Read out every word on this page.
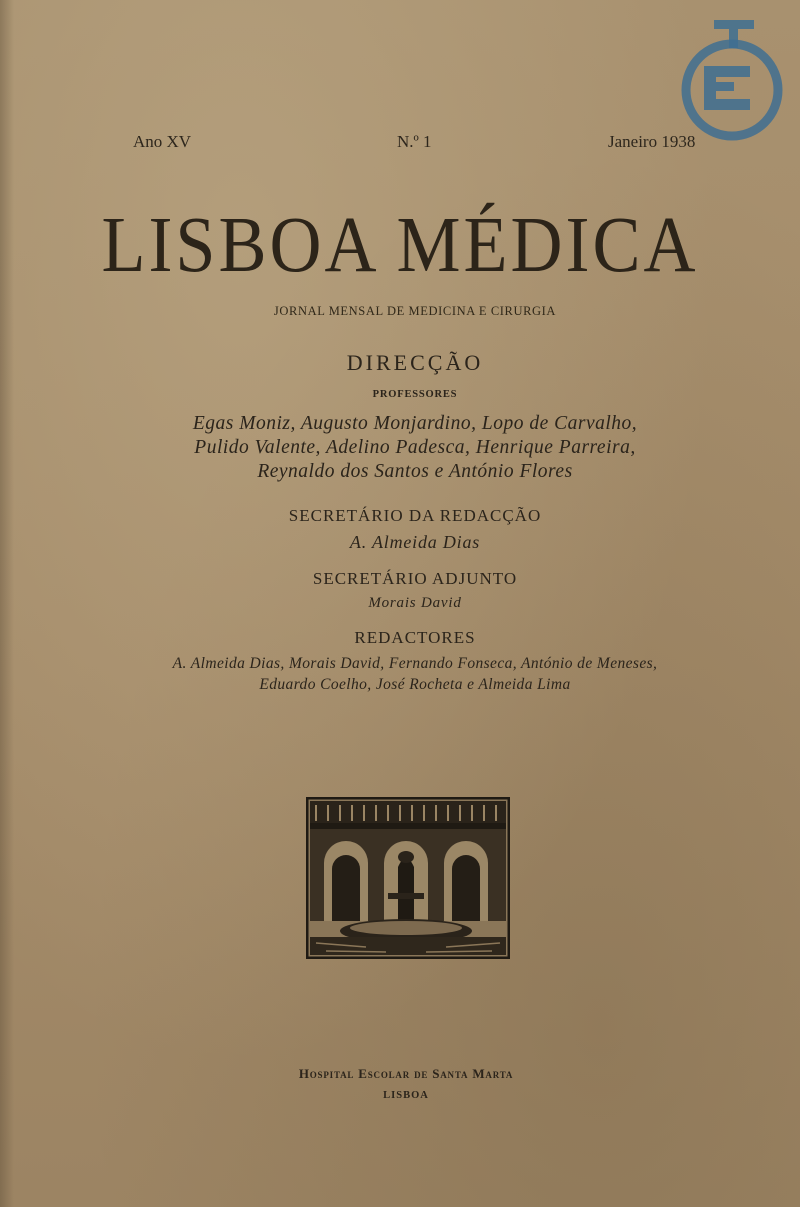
Ano XV	N.º 1	Janeiro 1938
LISBOA MÉDICA
JORNAL MENSAL DE MEDICINA E CIRURGIA
DIRECÇÃO
PROFESSORES
Egas Moniz, Augusto Monjardino, Lopo de Carvalho,
Pulido Valente, Adelino Padesca, Henrique Parreira,
Reynaldo dos Santos e António Flores
SECRETÁRIO DA REDACÇÃO
A. Almeida Dias
SECRETÁRIO ADJUNTO
Morais David
REDACTORES
A. Almeida Dias, Morais David, Fernando Fonseca, António de Meneses,
Eduardo Coelho, José Rocheta e Almeida Lima
Hospital Escolar de Santa Marta
LISBOA
